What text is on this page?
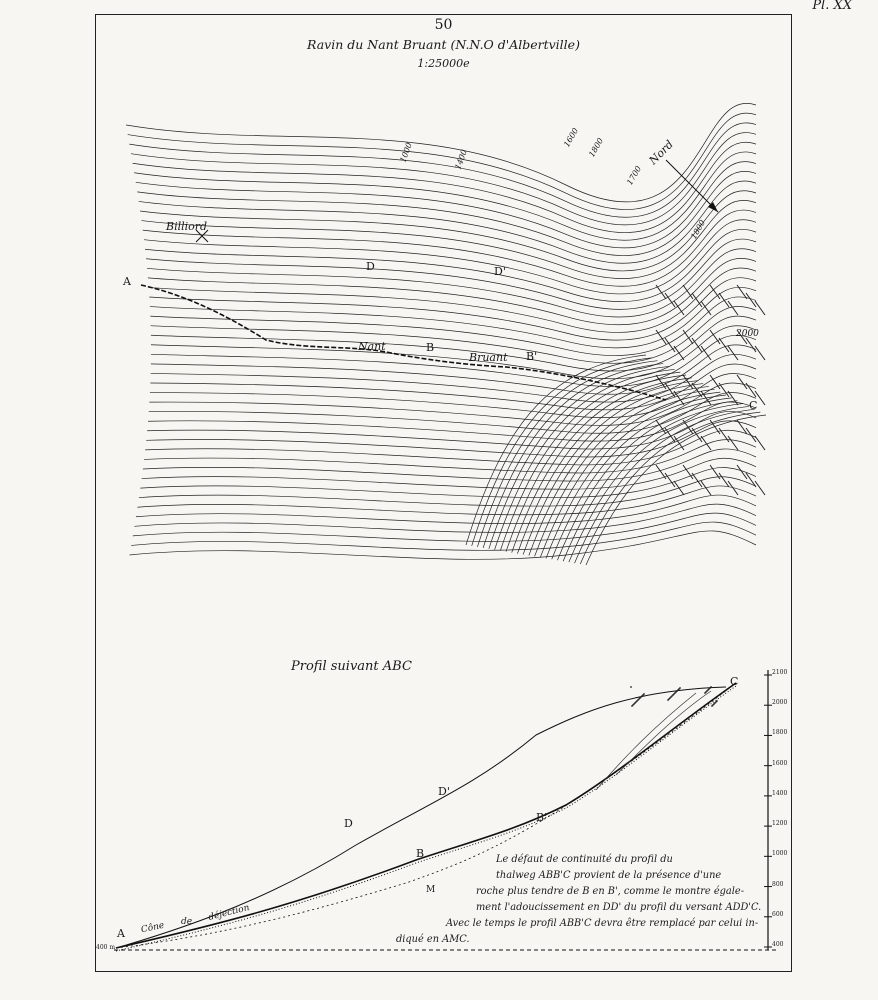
Pl. XX
50
Ravin du Nant Bruant (N.N.O d'Albertville)
1:25000e
Billiord
Nord
A
B
C
D	D'
B'
Nant
Bruant
2000
1000	1400
1600 1800
1700
1800
Profil suivant ABC
A
B
B'
C
D
D'
M
Cône de déjection
400 m
2100
2000
1800
1600
1400
1200
1000
800
600
400
Le défaut de continuité du profil du
thalweg ABB'C provient de la présence d'une
roche plus tendre de B en B', comme le montre égale-
ment l'adoucissement en DD' du profil du versant ADD'C.
Avec le temps le profil ABB'C devra être remplacé par celui in-
diqué en AMC.
